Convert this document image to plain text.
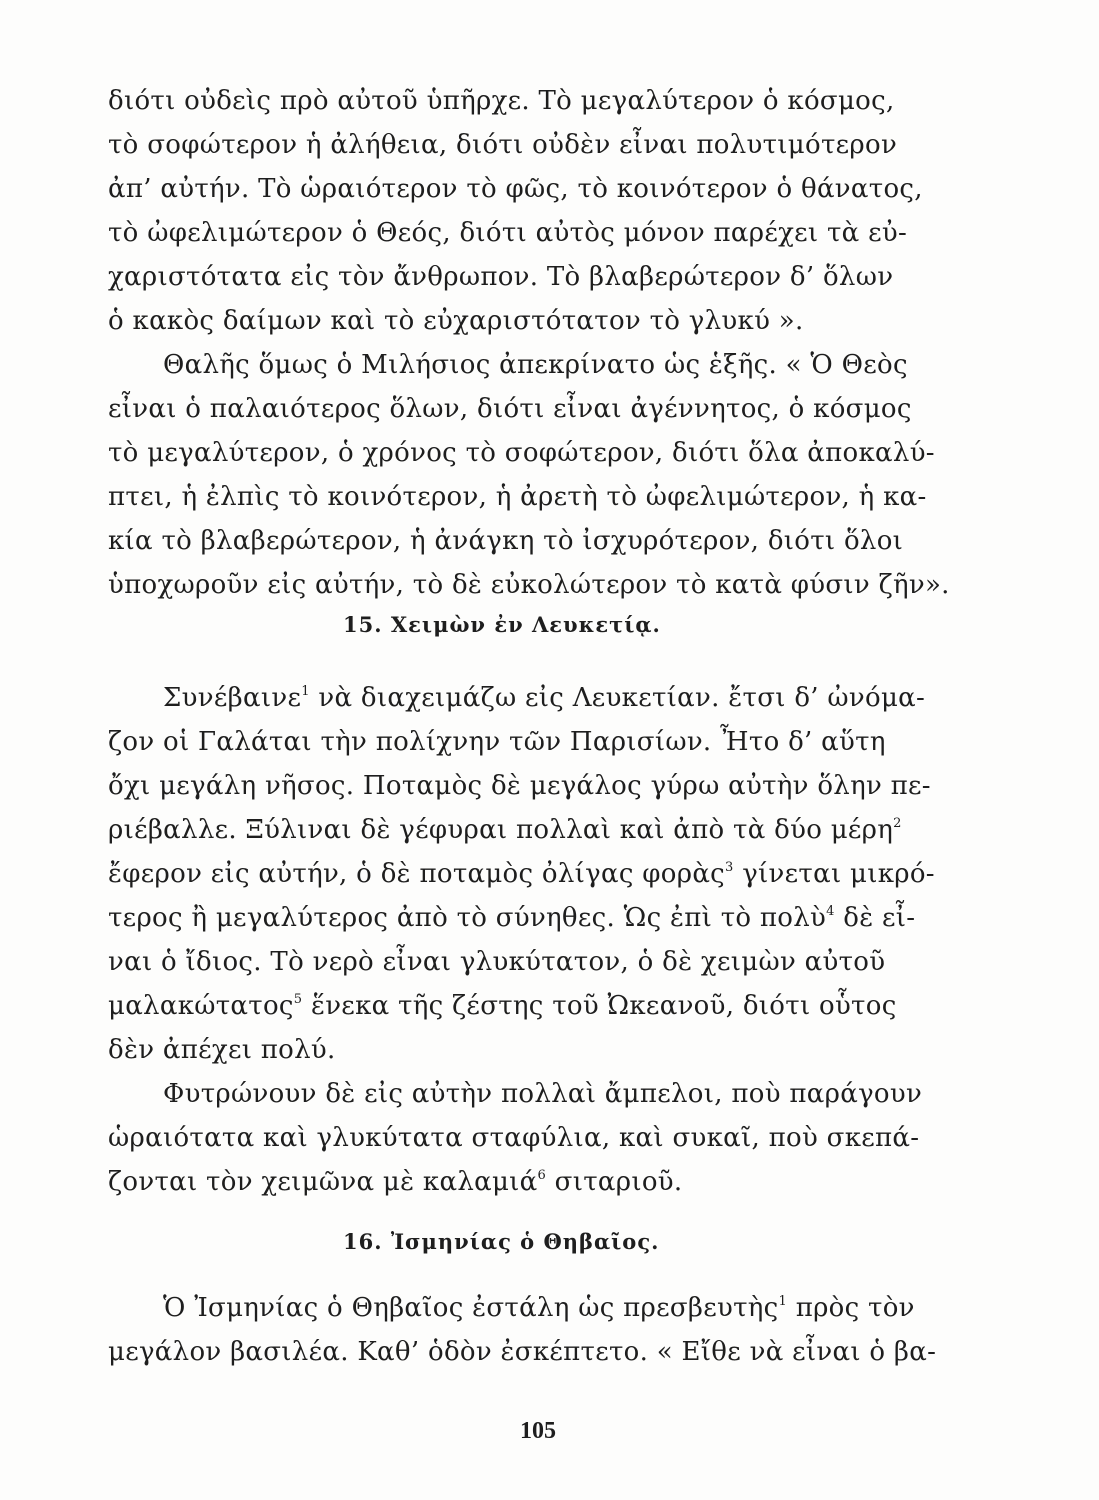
διότι οὐδεὶς πρὸ αὐτοῦ ὑπῆρχε. Τὸ μεγαλύτερον ὁ κόσμος,
τὸ σοφώτερον ἡ ἀλήθεια, διότι οὐδὲν εἶναι πολυτιμότερον
ἀπ’ αὐτήν. Τὸ ὡραιότερον τὸ φῶς, τὸ κοινότερον ὁ θάνατος,
τὸ ὠφελιμώτερον ὁ Θεός, διότι αὐτὸς μόνον παρέχει τὰ εὐ-
χαριστότατα εἰς τὸν ἄνθρωπον. Τὸ βλαβερώτερον δ’ ὅλων
ὁ κακὸς δαίμων καὶ τὸ εὐχαριστότατον τὸ γλυκύ ».
Θαλῆς ὅμως ὁ Μιλήσιος ἀπεκρίνατο ὡς ἑξῆς. « Ὁ Θεὸς
εἶναι ὁ παλαιότερος ὅλων, διότι εἶναι ἀγέννητος, ὁ κόσμος
τὸ μεγαλύτερον, ὁ χρόνος τὸ σοφώτερον, διότι ὅλα ἀποκαλύ-
πτει, ἡ ἐλπὶς τὸ κοινότερον, ἡ ἀρετὴ τὸ ὠφελιμώτερον, ἡ κα-
κία τὸ βλαβερώτερον, ἡ ἀνάγκη τὸ ἰσχυρότερον, διότι ὅλοι
ὑποχωροῦν εἰς αὐτήν, τὸ δὲ εὐκολώτερον τὸ κατὰ φύσιν ζῆν».
15. Χειμὼν ἐν Λευκετίᾳ.
Συνέβαινε$^1$ νὰ διαχειμάζω εἰς Λευκετίαν. ἔτσι δ’ ὠνόμα-
ζον οἱ Γαλάται τὴν πολίχνην τῶν Παρισίων. Ἦτο δ’ αὕτη
ὄχι μεγάλη νῆσος. Ποταμὸς δὲ μεγάλος γύρω αὐτὴν ὅλην πε-
ριέβαλλε. Ξύλιναι δὲ γέφυραι πολλαὶ καὶ ἀπὸ τὰ δύο μέρη$^2$
ἔφερον εἰς αὐτήν, ὁ δὲ ποταμὸς ὀλίγας φορὰς$^3$ γίνεται μικρό-
τερος ἢ μεγαλύτερος ἀπὸ τὸ σύνηθες. Ὡς ἐπὶ τὸ πολὺ$^4$ δὲ εἶ-
ναι ὁ ἴδιος. Τὸ νερὸ εἶναι γλυκύτατον, ὁ δὲ χειμὼν αὐτοῦ
μαλακώτατος$^5$ ἕνεκα τῆς ζέστης τοῦ Ὠκεανοῦ, διότι οὗτος
δὲν ἀπέχει πολύ.
Φυτρώνουν δὲ εἰς αὐτὴν πολλαὶ ἄμπελοι, ποὺ παράγουν
ὡραιότατα καὶ γλυκύτατα σταφύλια, καὶ συκαῖ, ποὺ σκεπά-
ζονται τὸν χειμῶνα μὲ καλαμιά$^6$ σιταριοῦ.
16. Ἰσμηνίας ὁ Θηβαῖος.
Ὁ Ἰσμηνίας ὁ Θηβαῖος ἐστάλη ὡς πρεσβευτὴς$^1$ πρὸς τὸν
μεγάλον βασιλέα. Καθ’ ὁδὸν ἐσκέπτετο. « Εἴθε νὰ εἶναι ὁ βα-
105
